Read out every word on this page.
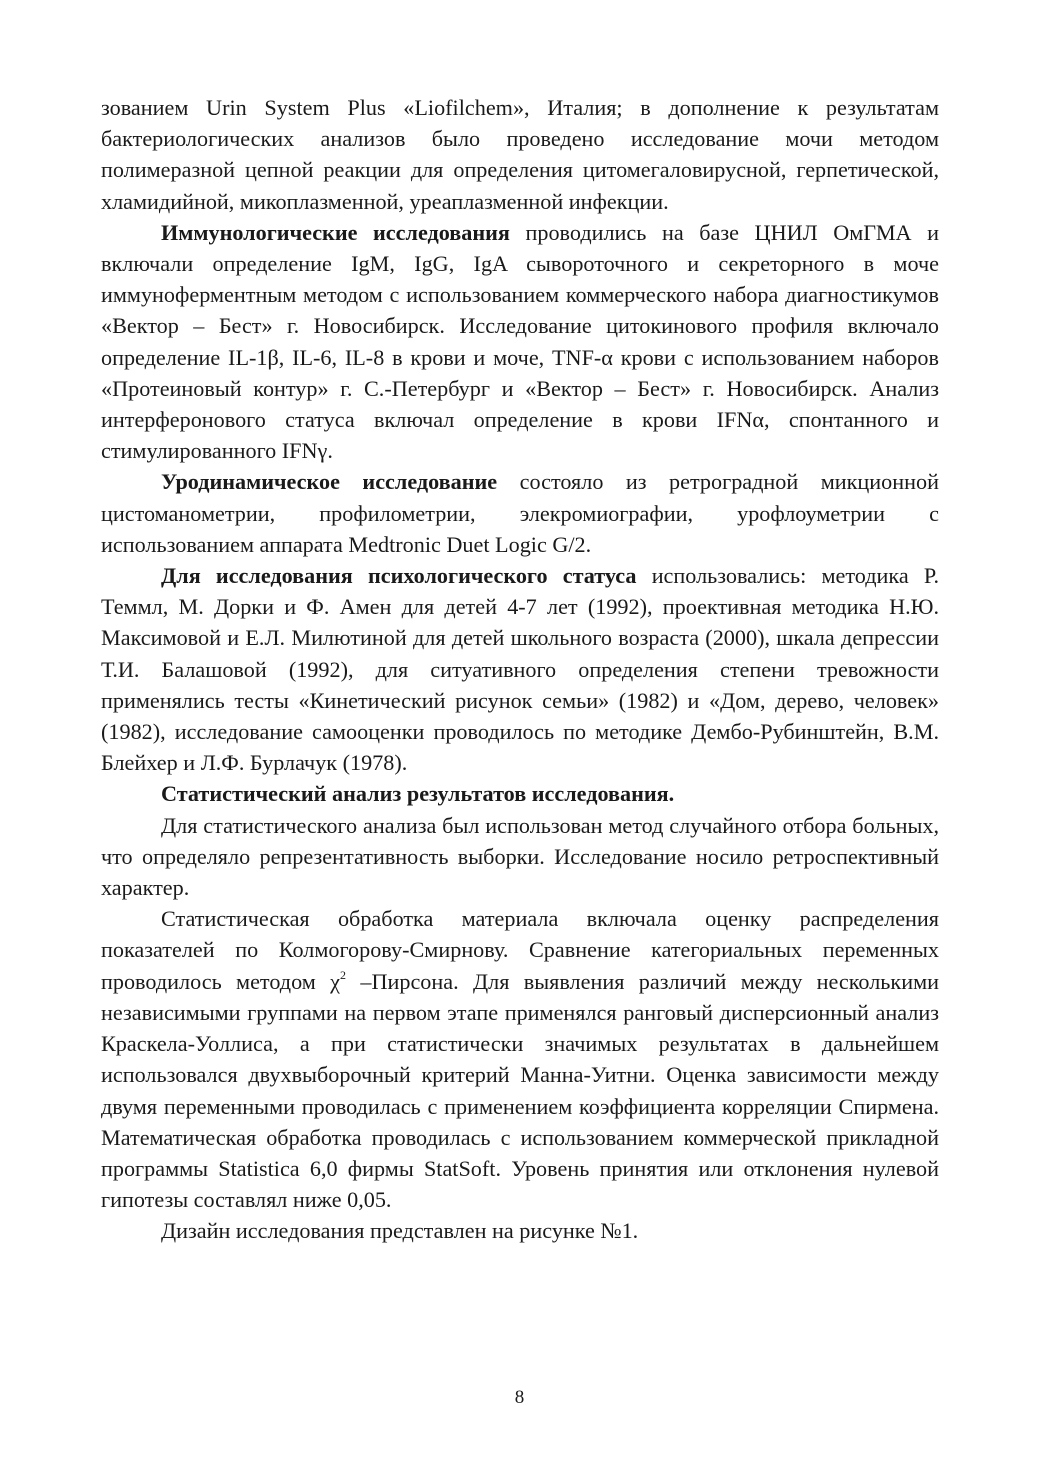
зованием Urin System Plus «Liofilchem», Италия; в дополнение к результатам бактериологических анализов было проведено исследование мочи методом полимеразной цепной реакции для определения цитомегаловирусной, герпетической, хламидийной, микоплазменной, уреаплазменной инфекции.

Иммунологические исследования проводились на базе ЦНИЛ ОмГМА и включали определение IgM, IgG, IgA сывороточного и секреторного в моче иммуноферментным методом с использованием коммерческого набора диагностикумов «Вектор – Бест» г. Новосибирск. Исследование цитокинового профиля включало определение IL-1β, IL-6, IL-8 в крови и моче, TNF-α крови с использованием наборов «Протеиновый контур» г. С.-Петербург и «Вектор – Бест» г. Новосибирск. Анализ интерферонового статуса включал определение в крови IFNα, спонтанного и стимулированного IFNγ.

Уродинамическое исследование состояло из ретроградной микционной цистоманометрии, профилометрии, элекромиографии, урофлоуметрии с использованием аппарата Medtronic Duet Logic G/2.

Для исследования психологического статуса использовались: методика Р. Теммл, М. Дорки и Ф. Амен для детей 4-7 лет (1992), проективная методика Н.Ю. Максимовой и Е.Л. Милютиной для детей школьного возраста (2000), шкала депрессии Т.И. Балашовой (1992), для ситуативного определения степени тревожности применялись тесты «Кинетический рисунок семьи» (1982) и «Дом, дерево, человек» (1982), исследование самооценки проводилось по методике Дембо-Рубинштейн, В.М. Блейхер и Л.Ф. Бурлачук (1978).

Статистический анализ результатов исследования.

Для статистического анализа был использован метод случайного отбора больных, что определяло репрезентативность выборки. Исследование носило ретроспективный характер.

Статистическая обработка материала включала оценку распределения показателей по Колмогорову-Смирнову. Сравнение категориальных переменных проводилось методом $\chi^2$ –Пирсона. Для выявления различий между несколькими независимыми группами на первом этапе применялся ранговый дисперсионный анализ Краскела-Уоллиса, а при статистически значимых результатах в дальнейшем использовался двухвыборочный критерий Манна-Уитни. Оценка зависимости между двумя переменными проводилась с применением коэффициента корреляции Спирмена. Математическая обработка проводилась с использованием коммерческой прикладной программы Statistica 6,0 фирмы StatSoft. Уровень принятия или отклонения нулевой гипотезы составлял ниже 0,05.

Дизайн исследования представлен на рисунке №1.

8
